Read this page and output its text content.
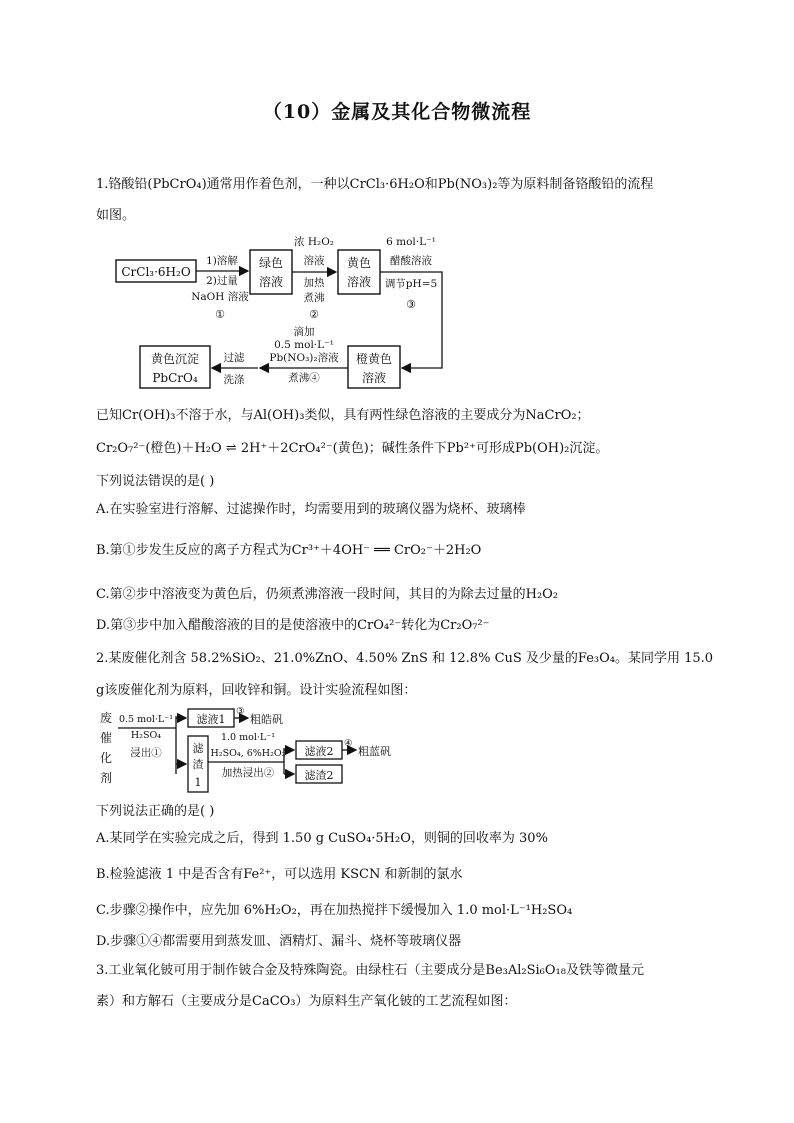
（10）金属及其化合物微流程
1.铬酸铅(PbCrO₄)通常用作着色剂，一种以CrCl₃·6H₂O和Pb(NO₃)₂等为原料制备铬酸铅的流程
如图。
CrCl₃·6H₂O
绿色
溶液
黄色
溶液
橙黄色
溶液
黄色沉淀
PbCrO₄
1)溶解
2)过量
NaOH 溶液
①
浓 H₂O₂
溶液
加热
煮沸
②
6 mol·L⁻¹
醋酸溶液
调节pH=5
③
滴加
0.5 mol·L⁻¹
Pb(NO₃)₂溶液
煮沸④
过滤
洗涤
已知Cr(OH)₃不溶于水，与Al(OH)₃类似，具有两性绿色溶液的主要成分为NaCrO₂；
Cr₂O₇²⁻(橙色)＋H₂O ⇌ 2H⁺＋2CrO₄²⁻(黄色)；碱性条件下Pb²⁺可形成Pb(OH)₂沉淀。
下列说法错误的是( )
A.在实验室进行溶解、过滤操作时，均需要用到的玻璃仪器为烧杯、玻璃棒
B.第①步发生反应的离子方程式为Cr³⁺＋4OH⁻ ══ CrO₂⁻＋2H₂O
C.第②步中溶液变为黄色后，仍须煮沸溶液一段时间，其目的为除去过量的H₂O₂
D.第③步中加入醋酸溶液的目的是使溶液中的CrO₄²⁻转化为Cr₂O₇²⁻
2.某废催化剂含 58.2%SiO₂、21.0%ZnO、4.50% ZnS 和 12.8% CuS 及少量的Fe₃O₄。某同学用 15.0
g该废催化剂为原料，回收锌和铜。设计实验流程如图：
废
催
化
剂
0.5 mol·L⁻¹
H₂SO₄
浸出①
滤液1
③
粗皓矾
滤
渣
1
1.0 mol·L⁻¹
H₂SO₄, 6%H₂O₂
加热浸出②
滤液2
④
粗蓝矾
滤渣2
下列说法正确的是( )
A.某同学在实验完成之后，得到 1.50 g CuSO₄·5H₂O，则铜的回收率为 30%
B.检验滤液 1 中是否含有Fe²⁺，可以选用 KSCN 和新制的氯水
C.步骤②操作中，应先加 6%H₂O₂，再在加热搅拌下缓慢加入 1.0 mol·L⁻¹H₂SO₄
D.步骤①④都需要用到蒸发皿、酒精灯、漏斗、烧杯等玻璃仪器
3.工业氧化铍可用于制作铍合金及特殊陶瓷。由绿柱石（主要成分是Be₃Al₂Si₆O₁₈及铁等微量元
素）和方解石（主要成分是CaCO₃）为原料生产氧化铍的工艺流程如图：
